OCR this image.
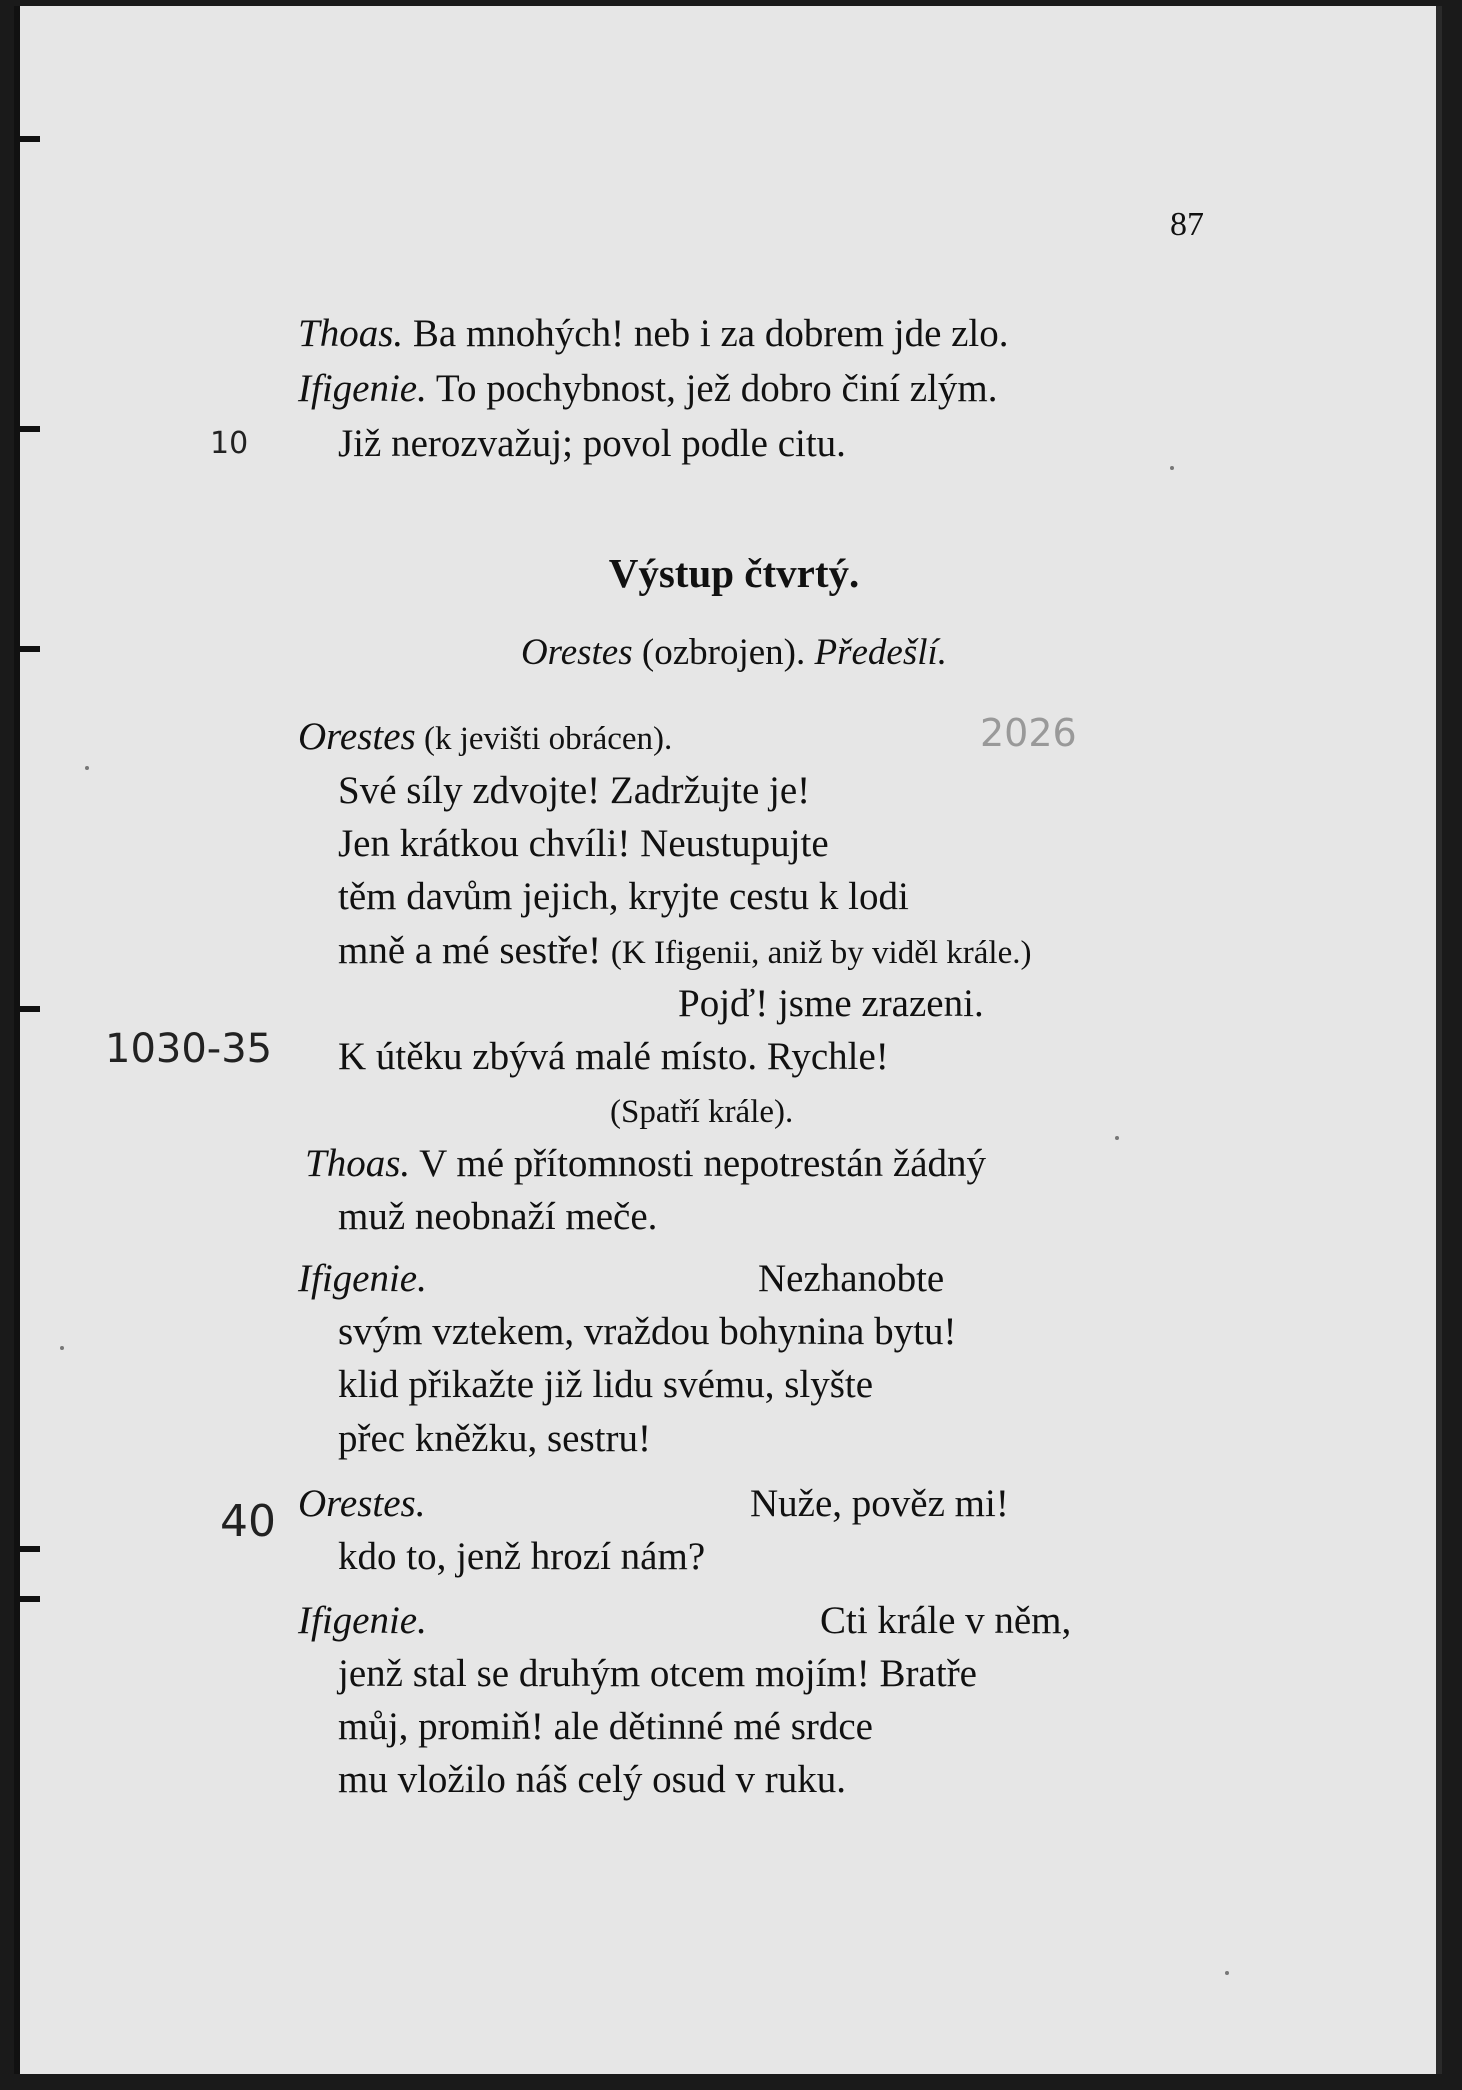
87
Thoas. Ba mnohých! neb i za dobrem jde zlo.
Ifigenie. To pochybnost, jež dobro činí zlým.
Již nerozvažuj; povol podle citu.
Výstup čtvrtý.
Orestes (ozbrojen). Předešlí.
Orestes (k jevišti obrácen).
Své síly zdvojte! Zadržujte je!
Jen krátkou chvíli! Neustupujte
těm davům jejich, kryjte cestu k lodi
mně a mé sestře! (K Ifigenii, aniž by viděl krále.)
Pojď! jsme zrazeni.
K útěku zbývá malé místo. Rychle!
(Spatří krále).
Thoas. V mé přítomnosti nepotrestán žádný
muž neobnaží meče.
Ifigenie.	Nezhanobte
svým vztekem, vraždou bohynina bytu!
klid přikažte již lidu svému, slyšte
přec kněžku, sestru!
Orestes.	Nuže, pověz mi!
kdo to, jenž hrozí nám?
Ifigenie.	Cti krále v něm,
jenž stal se druhým otcem mojím! Bratře
můj, promiň! ale dětinné mé srdce
mu vložilo náš celý osud v ruku.
10
2026
1030-35
40
